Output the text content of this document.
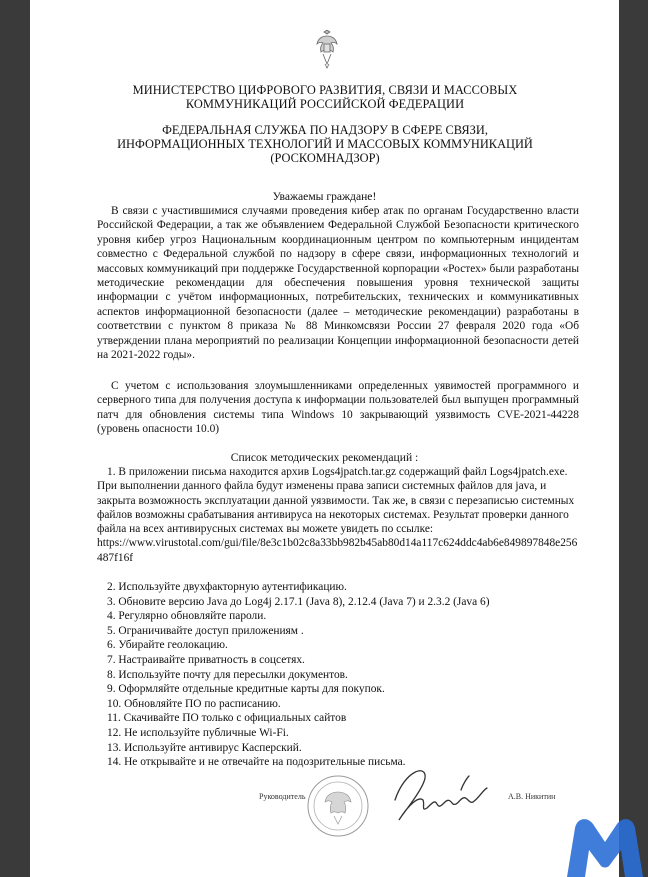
МИНИСТЕРСТВО ЦИФРОВОГО РАЗВИТИЯ, СВЯЗИ И МАССОВЫХ
КОММУНИКАЦИЙ РОССИЙСКОЙ ФЕДЕРАЦИИ
ФЕДЕРАЛЬНАЯ СЛУЖБА ПО НАДЗОРУ В СФЕРЕ СВЯЗИ,
ИНФОРМАЦИОННЫХ ТЕХНОЛОГИЙ И МАССОВЫХ КОММУНИКАЦИЙ
(РОСКОМНАДЗОР)
Уважаемы граждане!

В связи с участившимися случаями проведения кибер атак по органам Государственно власти Российской Федерации, а так же объявлением Федеральной Службой Безопасности критического уровня кибер угроз Национальным координационным центром по компьютерным инцидентам совместно с Федеральной службой по надзору в сфере связи, информационных технологий и массовых коммуникаций при поддержке Государственной корпорации «Ростех» были разработаны методические рекомендации для обеспечения повышения уровня технической защиты информации с учётом информационных, потребительских, технических и коммуникативных аспектов информационной безопасности (далее – методические рекомендации) разработаны в соответствии с пунктом 8 приказа № 88 Минкомсвязи России 27 февраля 2020 года «Об утверждении плана мероприятий по реализации Концепции информационной безопасности детей на 2021-2022 годы».

С учетом с использования злоумышленниками определенных уявимостей программного и серверного типа для получения доступа к информации пользователей был выпущен программный патч для обновления системы типа Windows 10 закрывающий уязвимость CVE-2021-44228 (уровень опасности 10.0)

Список методических рекомендаций :
1. В приложении письма находится архив Logs4jpatch.tar.gz содержащий файл Logs4jpatch.exe. При выполнении данного файла будут изменены права записи системных файлов для java, и закрыта возможность эксплуатации данной уязвимости. Так же, в связи с перезаписью системных файлов возможны срабатывания антивируса на некоторых системах. Результат проверки данного файла на всех антивирусных системах вы можете увидеть по ссылке:
https://www.virustotal.com/gui/file/8e3c1b02c8a33bb982b45ab80d14a117c624ddc4ab6e849897848e256487f16f
2. Используйте двухфакторную аутентификацию.
3. Обновите версию Java до Log4j 2.17.1 (Java 8), 2.12.4 (Java 7) и 2.3.2 (Java 6)
4. Регулярно обновляйте пароли.
5. Ограничивайте доступ приложениям .
6. Убирайте геолокацию.
7. Настраивайте приватность в соцсетях.
8. Используйте почту для пересылки документов.
9. Оформляйте отдельные кредитные карты для покупок.
10. Обновляйте ПО по расписанию.
11. Скачивайте ПО только с официальных сайтов
12. Не используйте публичные Wi-Fi.
13. Используйте антивирус Касперский.
14. Не открывайте и не отвечайте на подозрительные письма.
Руководитель	А.В. Никитин
